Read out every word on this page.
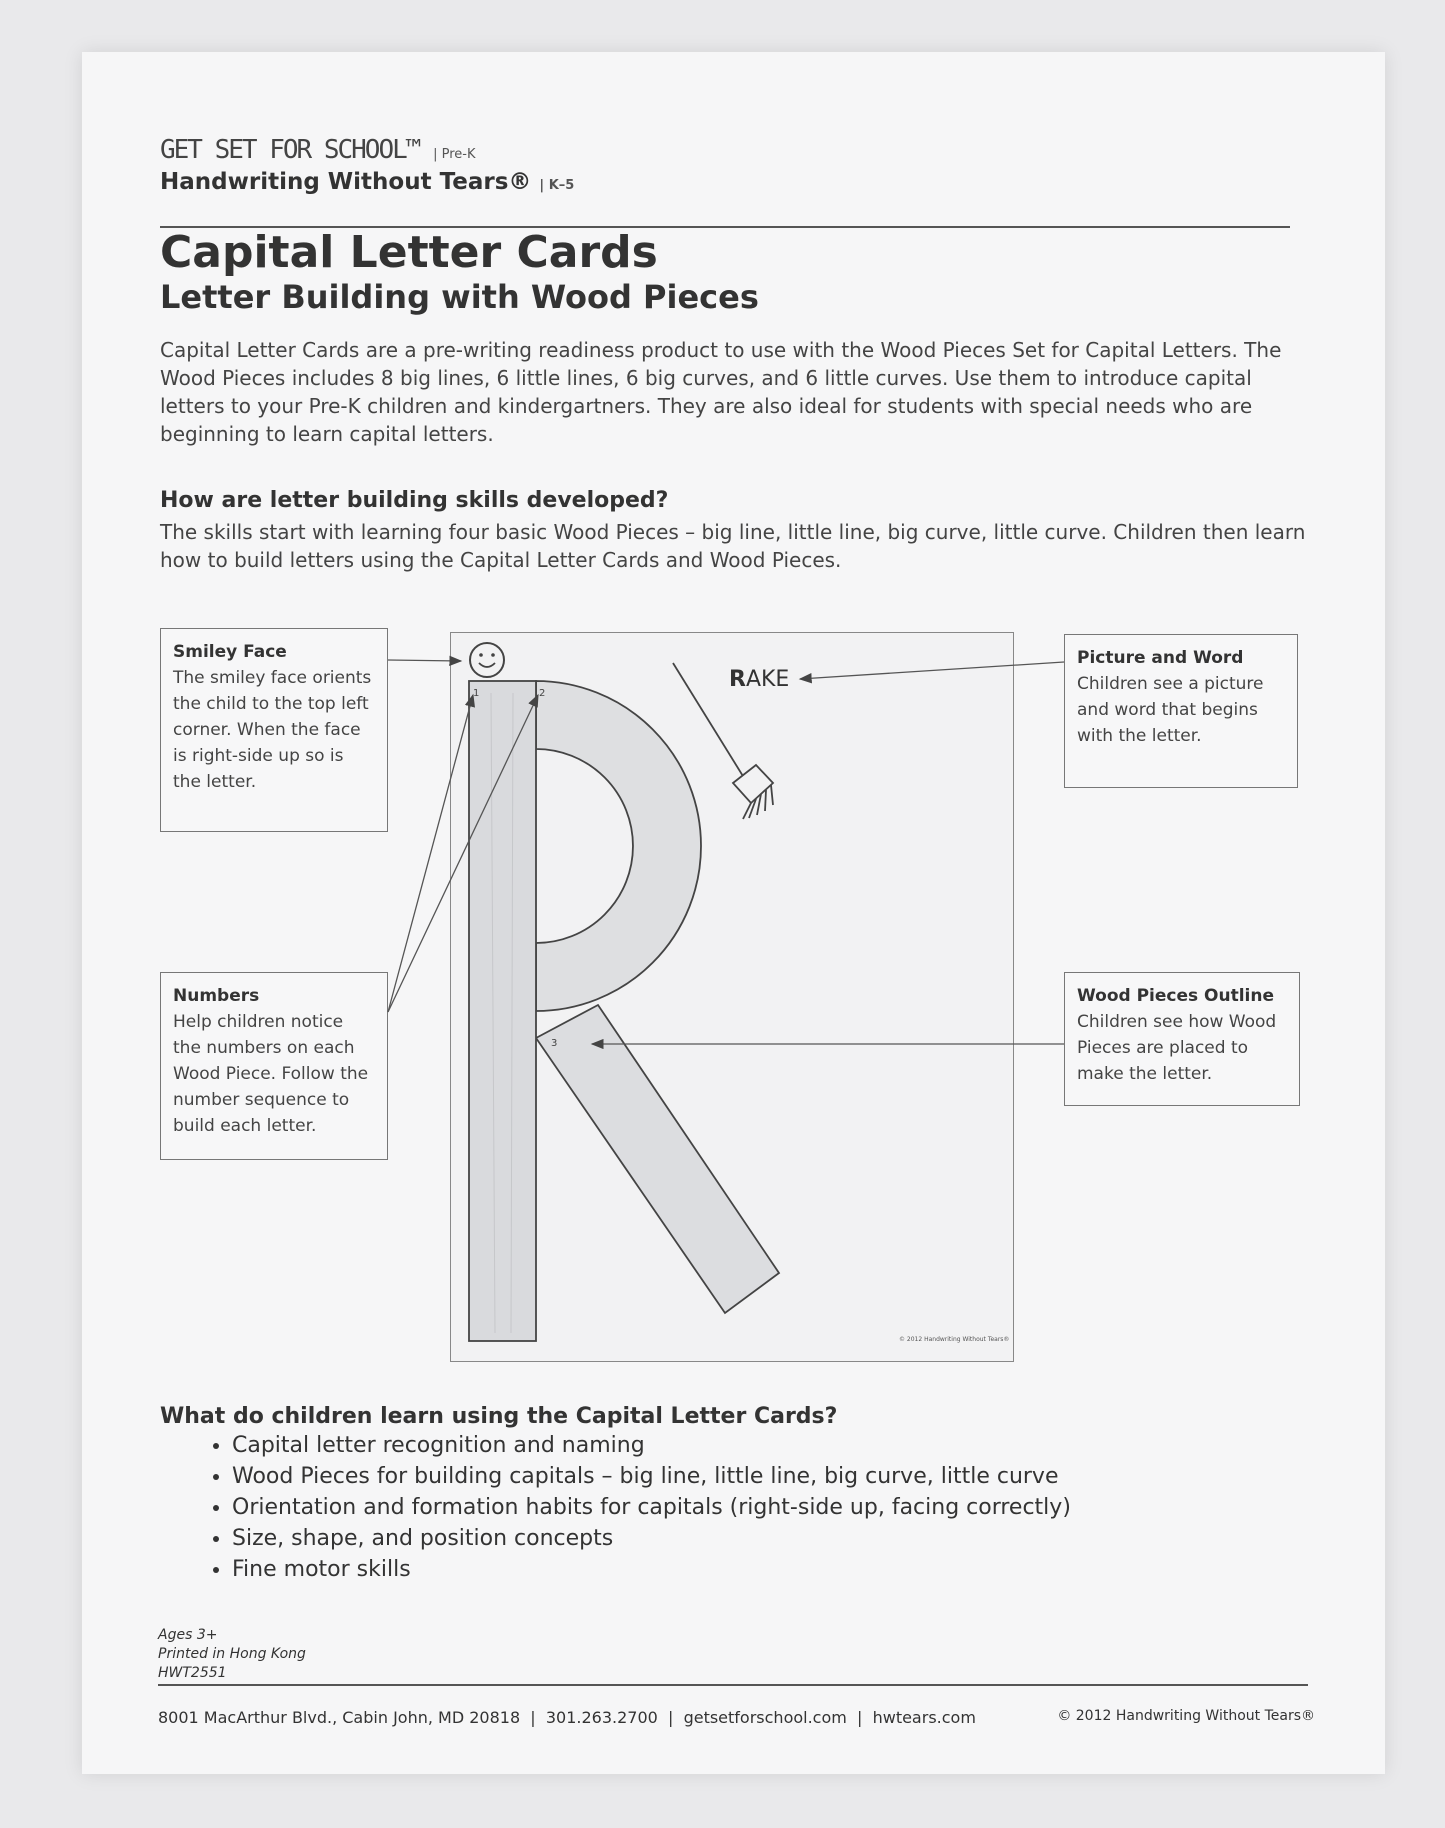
GET SET FOR SCHOOL™ | Pre-K
Handwriting Without Tears® | K–5
Capital Letter Cards
Letter Building with Wood Pieces
Capital Letter Cards are a pre-writing readiness product to use with the Wood Pieces Set for Capital Letters. The Wood Pieces includes 8 big lines, 6 little lines, 6 big curves, and 6 little curves. Use them to introduce capital letters to your Pre-K children and kindergartners. They are also ideal for students with special needs who are beginning to learn capital letters.
How are letter building skills developed?
The skills start with learning four basic Wood Pieces – big line, little line, big curve, little curve. Children then learn how to build letters using the Capital Letter Cards and Wood Pieces.
Smiley Face
The smiley face orients the child to the top left corner. When the face is right-side up so is the letter.
Numbers
Help children notice the numbers on each Wood Piece. Follow the number sequence to build each letter.
Picture and Word
Children see a picture and word that begins with the letter.
Wood Pieces Outline
Children see how Wood Pieces are placed to make the letter.
1	2
3
RAKE
© 2012 Handwriting Without Tears®
What do children learn using the Capital Letter Cards?
• Capital letter recognition and naming
• Wood Pieces for building capitals – big line, little line, big curve, little curve
• Orientation and formation habits for capitals (right-side up, facing correctly)
• Size, shape, and position concepts
• Fine motor skills
Ages 3+
Printed in Hong Kong
HWT2551
8001 MacArthur Blvd., Cabin John, MD 20818  |  301.263.2700  |  getsetforschool.com  |  hwtears.com	© 2012 Handwriting Without Tears®
